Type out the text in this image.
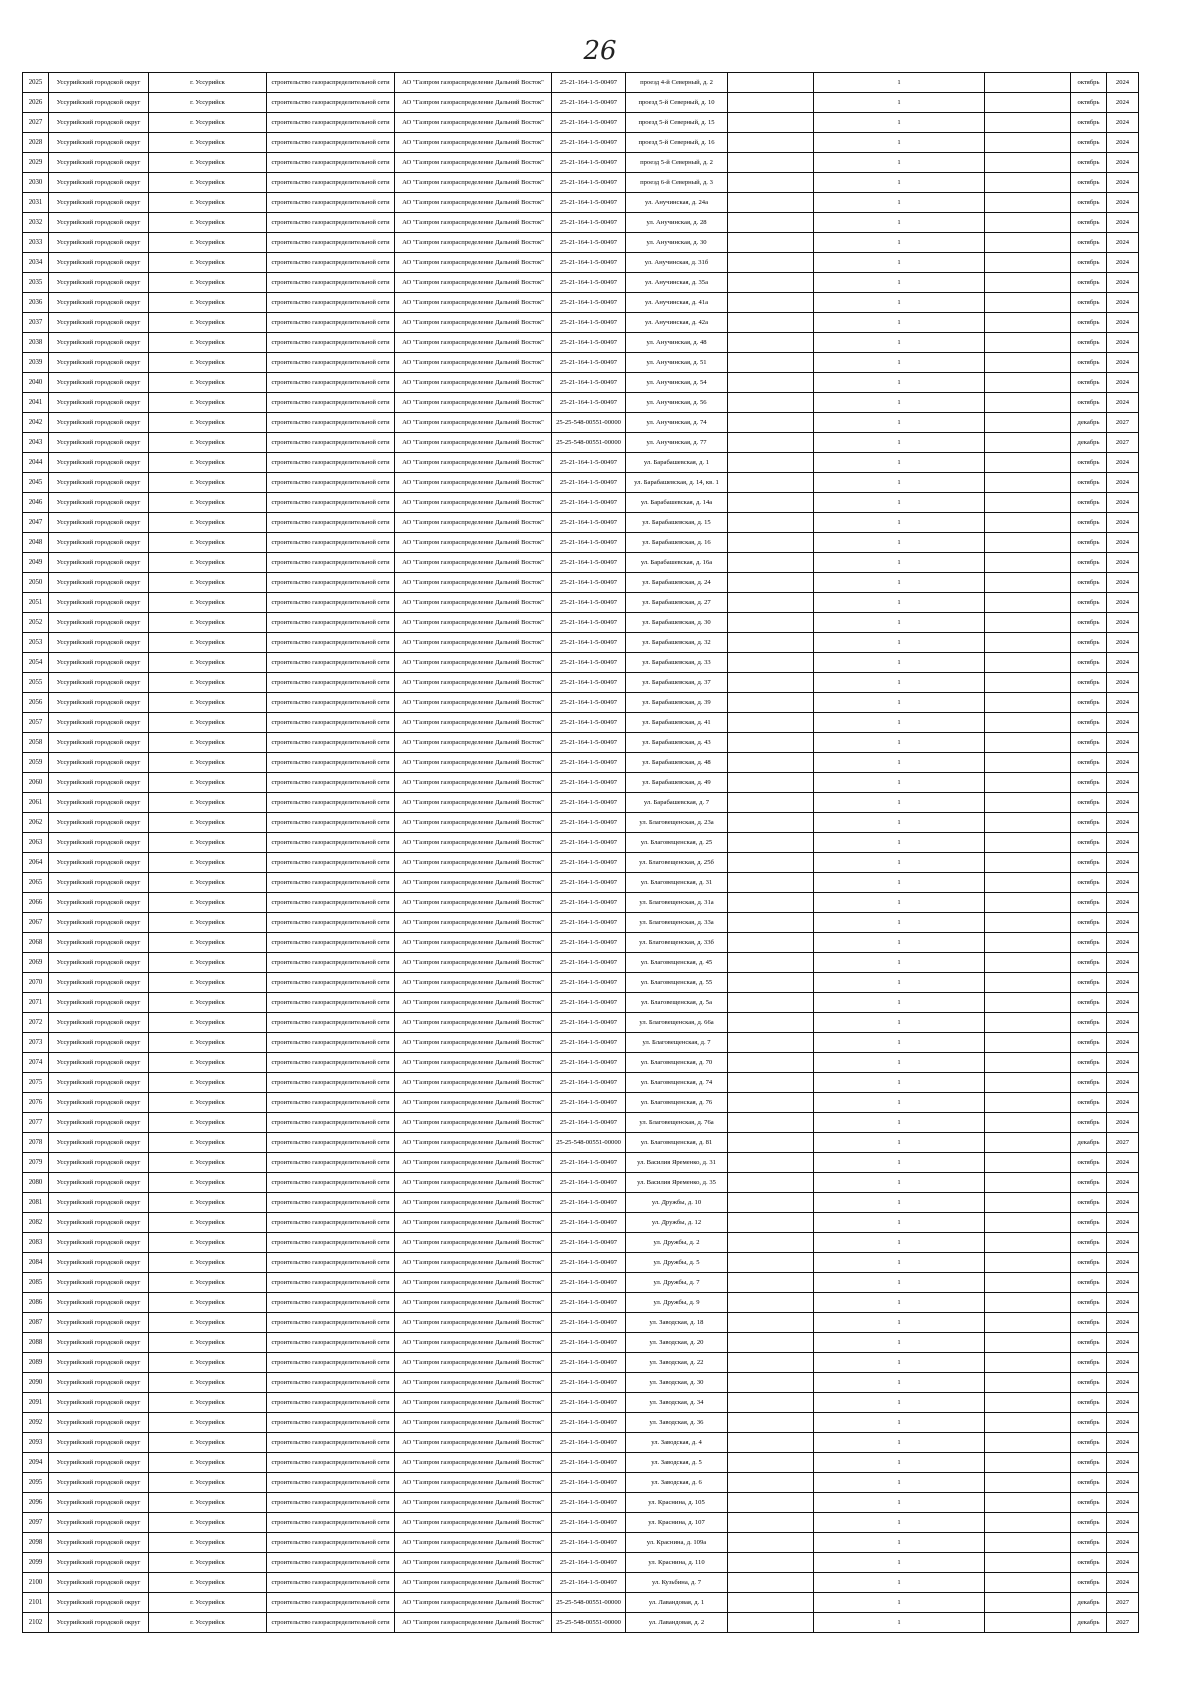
26
2025	Уссурийский городской округ	г. Уссурийск	строительство газораспределительной сети	АО "Газпром газораспределение Дальний Восток"	25-21-164-1-5-00497	проезд 4-й Северный, д. 2		1		октябрь	2024
2026	Уссурийский городской округ	г. Уссурийск	строительство газораспределительной сети	АО "Газпром газораспределение Дальний Восток"	25-21-164-1-5-00497	проезд 5-й Северный, д. 10		1		октябрь	2024
2027	Уссурийский городской округ	г. Уссурийск	строительство газораспределительной сети	АО "Газпром газораспределение Дальний Восток"	25-21-164-1-5-00497	проезд 5-й Северный, д. 15		1		октябрь	2024
2028	Уссурийский городской округ	г. Уссурийск	строительство газораспределительной сети	АО "Газпром газораспределение Дальний Восток"	25-21-164-1-5-00497	проезд 5-й Северный, д. 16		1		октябрь	2024
2029	Уссурийский городской округ	г. Уссурийск	строительство газораспределительной сети	АО "Газпром газораспределение Дальний Восток"	25-21-164-1-5-00497	проезд 5-й Северный, д. 2		1		октябрь	2024
2030	Уссурийский городской округ	г. Уссурийск	строительство газораспределительной сети	АО "Газпром газораспределение Дальний Восток"	25-21-164-1-5-00497	проезд 6-й Северный, д. 3		1		октябрь	2024
2031	Уссурийский городской округ	г. Уссурийск	строительство газораспределительной сети	АО "Газпром газораспределение Дальний Восток"	25-21-164-1-5-00497	ул. Анучинская, д. 24а		1		октябрь	2024
2032	Уссурийский городской округ	г. Уссурийск	строительство газораспределительной сети	АО "Газпром газораспределение Дальний Восток"	25-21-164-1-5-00497	ул. Анучинская, д. 28		1		октябрь	2024
2033	Уссурийский городской округ	г. Уссурийск	строительство газораспределительной сети	АО "Газпром газораспределение Дальний Восток"	25-21-164-1-5-00497	ул. Анучинская, д. 30		1		октябрь	2024
2034	Уссурийский городской округ	г. Уссурийск	строительство газораспределительной сети	АО "Газпром газораспределение Дальний Восток"	25-21-164-1-5-00497	ул. Анучинская, д. 31б		1		октябрь	2024
2035	Уссурийский городской округ	г. Уссурийск	строительство газораспределительной сети	АО "Газпром газораспределение Дальний Восток"	25-21-164-1-5-00497	ул. Анучинская, д. 35а		1		октябрь	2024
2036	Уссурийский городской округ	г. Уссурийск	строительство газораспределительной сети	АО "Газпром газораспределение Дальний Восток"	25-21-164-1-5-00497	ул. Анучинская, д. 41а		1		октябрь	2024
2037	Уссурийский городской округ	г. Уссурийск	строительство газораспределительной сети	АО "Газпром газораспределение Дальний Восток"	25-21-164-1-5-00497	ул. Анучинская, д. 42а		1		октябрь	2024
2038	Уссурийский городской округ	г. Уссурийск	строительство газораспределительной сети	АО "Газпром газораспределение Дальний Восток"	25-21-164-1-5-00497	ул. Анучинская, д. 48		1		октябрь	2024
2039	Уссурийский городской округ	г. Уссурийск	строительство газораспределительной сети	АО "Газпром газораспределение Дальний Восток"	25-21-164-1-5-00497	ул. Анучинская, д. 51		1		октябрь	2024
2040	Уссурийский городской округ	г. Уссурийск	строительство газораспределительной сети	АО "Газпром газораспределение Дальний Восток"	25-21-164-1-5-00497	ул. Анучинская, д. 54		1		октябрь	2024
2041	Уссурийский городской округ	г. Уссурийск	строительство газораспределительной сети	АО "Газпром газораспределение Дальний Восток"	25-21-164-1-5-00497	ул. Анучинская, д. 56		1		октябрь	2024
2042	Уссурийский городской округ	г. Уссурийск	строительство газораспределительной сети	АО "Газпром газораспределение Дальний Восток"	25-25-548-00551-00000	ул. Анучинская, д. 74		1		декабрь	2027
2043	Уссурийский городской округ	г. Уссурийск	строительство газораспределительной сети	АО "Газпром газораспределение Дальний Восток"	25-25-548-00551-00000	ул. Анучинская, д. 77		1		декабрь	2027
2044	Уссурийский городской округ	г. Уссурийск	строительство газораспределительной сети	АО "Газпром газораспределение Дальний Восток"	25-21-164-1-5-00497	ул. Барабашевская, д. 1		1		октябрь	2024
2045	Уссурийский городской округ	г. Уссурийск	строительство газораспределительной сети	АО "Газпром газораспределение Дальний Восток"	25-21-164-1-5-00497	ул. Барабашевская, д. 14, кв. 1		1		октябрь	2024
2046	Уссурийский городской округ	г. Уссурийск	строительство газораспределительной сети	АО "Газпром газораспределение Дальний Восток"	25-21-164-1-5-00497	ул. Барабашевская, д. 14а		1		октябрь	2024
2047	Уссурийский городской округ	г. Уссурийск	строительство газораспределительной сети	АО "Газпром газораспределение Дальний Восток"	25-21-164-1-5-00497	ул. Барабашевская, д. 15		1		октябрь	2024
2048	Уссурийский городской округ	г. Уссурийск	строительство газораспределительной сети	АО "Газпром газораспределение Дальний Восток"	25-21-164-1-5-00497	ул. Барабашевская, д. 16		1		октябрь	2024
2049	Уссурийский городской округ	г. Уссурийск	строительство газораспределительной сети	АО "Газпром газораспределение Дальний Восток"	25-21-164-1-5-00497	ул. Барабашевская, д. 16а		1		октябрь	2024
2050	Уссурийский городской округ	г. Уссурийск	строительство газораспределительной сети	АО "Газпром газораспределение Дальний Восток"	25-21-164-1-5-00497	ул. Барабашевская, д. 24		1		октябрь	2024
2051	Уссурийский городской округ	г. Уссурийск	строительство газораспределительной сети	АО "Газпром газораспределение Дальний Восток"	25-21-164-1-5-00497	ул. Барабашевская, д. 27		1		октябрь	2024
2052	Уссурийский городской округ	г. Уссурийск	строительство газораспределительной сети	АО "Газпром газораспределение Дальний Восток"	25-21-164-1-5-00497	ул. Барабашевская, д. 30		1		октябрь	2024
2053	Уссурийский городской округ	г. Уссурийск	строительство газораспределительной сети	АО "Газпром газораспределение Дальний Восток"	25-21-164-1-5-00497	ул. Барабашевская, д. 32		1		октябрь	2024
2054	Уссурийский городской округ	г. Уссурийск	строительство газораспределительной сети	АО "Газпром газораспределение Дальний Восток"	25-21-164-1-5-00497	ул. Барабашевская, д. 33		1		октябрь	2024
2055	Уссурийский городской округ	г. Уссурийск	строительство газораспределительной сети	АО "Газпром газораспределение Дальний Восток"	25-21-164-1-5-00497	ул. Барабашевская, д. 37		1		октябрь	2024
2056	Уссурийский городской округ	г. Уссурийск	строительство газораспределительной сети	АО "Газпром газораспределение Дальний Восток"	25-21-164-1-5-00497	ул. Барабашевская, д. 39		1		октябрь	2024
2057	Уссурийский городской округ	г. Уссурийск	строительство газораспределительной сети	АО "Газпром газораспределение Дальний Восток"	25-21-164-1-5-00497	ул. Барабашевская, д. 41		1		октябрь	2024
2058	Уссурийский городской округ	г. Уссурийск	строительство газораспределительной сети	АО "Газпром газораспределение Дальний Восток"	25-21-164-1-5-00497	ул. Барабашевская, д. 43		1		октябрь	2024
2059	Уссурийский городской округ	г. Уссурийск	строительство газораспределительной сети	АО "Газпром газораспределение Дальний Восток"	25-21-164-1-5-00497	ул. Барабашевская, д. 48		1		октябрь	2024
2060	Уссурийский городской округ	г. Уссурийск	строительство газораспределительной сети	АО "Газпром газораспределение Дальний Восток"	25-21-164-1-5-00497	ул. Барабашевская, д. 49		1		октябрь	2024
2061	Уссурийский городской округ	г. Уссурийск	строительство газораспределительной сети	АО "Газпром газораспределение Дальний Восток"	25-21-164-1-5-00497	ул. Барабашевская, д. 7		1		октябрь	2024
2062	Уссурийский городской округ	г. Уссурийск	строительство газораспределительной сети	АО "Газпром газораспределение Дальний Восток"	25-21-164-1-5-00497	ул. Благовещенская, д. 23а		1		октябрь	2024
2063	Уссурийский городской округ	г. Уссурийск	строительство газораспределительной сети	АО "Газпром газораспределение Дальний Восток"	25-21-164-1-5-00497	ул. Благовещенская, д. 25		1		октябрь	2024
2064	Уссурийский городской округ	г. Уссурийск	строительство газораспределительной сети	АО "Газпром газораспределение Дальний Восток"	25-21-164-1-5-00497	ул. Благовещенская, д. 25б		1		октябрь	2024
2065	Уссурийский городской округ	г. Уссурийск	строительство газораспределительной сети	АО "Газпром газораспределение Дальний Восток"	25-21-164-1-5-00497	ул. Благовещенская, д. 31		1		октябрь	2024
2066	Уссурийский городской округ	г. Уссурийск	строительство газораспределительной сети	АО "Газпром газораспределение Дальний Восток"	25-21-164-1-5-00497	ул. Благовещенская, д. 31а		1		октябрь	2024
2067	Уссурийский городской округ	г. Уссурийск	строительство газораспределительной сети	АО "Газпром газораспределение Дальний Восток"	25-21-164-1-5-00497	ул. Благовещенская, д. 33а		1		октябрь	2024
2068	Уссурийский городской округ	г. Уссурийск	строительство газораспределительной сети	АО "Газпром газораспределение Дальний Восток"	25-21-164-1-5-00497	ул. Благовещенская, д. 33б		1		октябрь	2024
2069	Уссурийский городской округ	г. Уссурийск	строительство газораспределительной сети	АО "Газпром газораспределение Дальний Восток"	25-21-164-1-5-00497	ул. Благовещенская, д. 45		1		октябрь	2024
2070	Уссурийский городской округ	г. Уссурийск	строительство газораспределительной сети	АО "Газпром газораспределение Дальний Восток"	25-21-164-1-5-00497	ул. Благовещенская, д. 55		1		октябрь	2024
2071	Уссурийский городской округ	г. Уссурийск	строительство газораспределительной сети	АО "Газпром газораспределение Дальний Восток"	25-21-164-1-5-00497	ул. Благовещенская, д. 5а		1		октябрь	2024
2072	Уссурийский городской округ	г. Уссурийск	строительство газораспределительной сети	АО "Газпром газораспределение Дальний Восток"	25-21-164-1-5-00497	ул. Благовещенская, д. 66а		1		октябрь	2024
2073	Уссурийский городской округ	г. Уссурийск	строительство газораспределительной сети	АО "Газпром газораспределение Дальний Восток"	25-21-164-1-5-00497	ул. Благовещенская, д. 7		1		октябрь	2024
2074	Уссурийский городской округ	г. Уссурийск	строительство газораспределительной сети	АО "Газпром газораспределение Дальний Восток"	25-21-164-1-5-00497	ул. Благовещенская, д. 70		1		октябрь	2024
2075	Уссурийский городской округ	г. Уссурийск	строительство газораспределительной сети	АО "Газпром газораспределение Дальний Восток"	25-21-164-1-5-00497	ул. Благовещенская, д. 74		1		октябрь	2024
2076	Уссурийский городской округ	г. Уссурийск	строительство газораспределительной сети	АО "Газпром газораспределение Дальний Восток"	25-21-164-1-5-00497	ул. Благовещенская, д. 76		1		октябрь	2024
2077	Уссурийский городской округ	г. Уссурийск	строительство газораспределительной сети	АО "Газпром газораспределение Дальний Восток"	25-21-164-1-5-00497	ул. Благовещенская, д. 76а		1		октябрь	2024
2078	Уссурийский городской округ	г. Уссурийск	строительство газораспределительной сети	АО "Газпром газораспределение Дальний Восток"	25-25-548-00551-00000	ул. Благовещенская, д. 81		1		декабрь	2027
2079	Уссурийский городской округ	г. Уссурийск	строительство газораспределительной сети	АО "Газпром газораспределение Дальний Восток"	25-21-164-1-5-00497	ул. Василия Яременко, д. 31		1		октябрь	2024
2080	Уссурийский городской округ	г. Уссурийск	строительство газораспределительной сети	АО "Газпром газораспределение Дальний Восток"	25-21-164-1-5-00497	ул. Василия Яременко, д. 35		1		октябрь	2024
2081	Уссурийский городской округ	г. Уссурийск	строительство газораспределительной сети	АО "Газпром газораспределение Дальний Восток"	25-21-164-1-5-00497	ул. Дружбы, д. 10		1		октябрь	2024
2082	Уссурийский городской округ	г. Уссурийск	строительство газораспределительной сети	АО "Газпром газораспределение Дальний Восток"	25-21-164-1-5-00497	ул. Дружбы, д. 12		1		октябрь	2024
2083	Уссурийский городской округ	г. Уссурийск	строительство газораспределительной сети	АО "Газпром газораспределение Дальний Восток"	25-21-164-1-5-00497	ул. Дружбы, д. 2		1		октябрь	2024
2084	Уссурийский городской округ	г. Уссурийск	строительство газораспределительной сети	АО "Газпром газораспределение Дальний Восток"	25-21-164-1-5-00497	ул. Дружбы, д. 5		1		октябрь	2024
2085	Уссурийский городской округ	г. Уссурийск	строительство газораспределительной сети	АО "Газпром газораспределение Дальний Восток"	25-21-164-1-5-00497	ул. Дружбы, д. 7		1		октябрь	2024
2086	Уссурийский городской округ	г. Уссурийск	строительство газораспределительной сети	АО "Газпром газораспределение Дальний Восток"	25-21-164-1-5-00497	ул. Дружбы, д. 9		1		октябрь	2024
2087	Уссурийский городской округ	г. Уссурийск	строительство газораспределительной сети	АО "Газпром газораспределение Дальний Восток"	25-21-164-1-5-00497	ул. Заводская, д. 18		1		октябрь	2024
2088	Уссурийский городской округ	г. Уссурийск	строительство газораспределительной сети	АО "Газпром газораспределение Дальний Восток"	25-21-164-1-5-00497	ул. Заводская, д. 20		1		октябрь	2024
2089	Уссурийский городской округ	г. Уссурийск	строительство газораспределительной сети	АО "Газпром газораспределение Дальний Восток"	25-21-164-1-5-00497	ул. Заводская, д. 22		1		октябрь	2024
2090	Уссурийский городской округ	г. Уссурийск	строительство газораспределительной сети	АО "Газпром газораспределение Дальний Восток"	25-21-164-1-5-00497	ул. Заводская, д. 30		1		октябрь	2024
2091	Уссурийский городской округ	г. Уссурийск	строительство газораспределительной сети	АО "Газпром газораспределение Дальний Восток"	25-21-164-1-5-00497	ул. Заводская, д. 34		1		октябрь	2024
2092	Уссурийский городской округ	г. Уссурийск	строительство газораспределительной сети	АО "Газпром газораспределение Дальний Восток"	25-21-164-1-5-00497	ул. Заводская, д. 36		1		октябрь	2024
2093	Уссурийский городской округ	г. Уссурийск	строительство газораспределительной сети	АО "Газпром газораспределение Дальний Восток"	25-21-164-1-5-00497	ул. Заводская, д. 4		1		октябрь	2024
2094	Уссурийский городской округ	г. Уссурийск	строительство газораспределительной сети	АО "Газпром газораспределение Дальний Восток"	25-21-164-1-5-00497	ул. Заводская, д. 5		1		октябрь	2024
2095	Уссурийский городской округ	г. Уссурийск	строительство газораспределительной сети	АО "Газпром газораспределение Дальний Восток"	25-21-164-1-5-00497	ул. Заводская, д. 6		1		октябрь	2024
2096	Уссурийский городской округ	г. Уссурийск	строительство газораспределительной сети	АО "Газпром газораспределение Дальний Восток"	25-21-164-1-5-00497	ул. Краснина, д. 105		1		октябрь	2024
2097	Уссурийский городской округ	г. Уссурийск	строительство газораспределительной сети	АО "Газпром газораспределение Дальний Восток"	25-21-164-1-5-00497	ул. Краснина, д. 107		1		октябрь	2024
2098	Уссурийский городской округ	г. Уссурийск	строительство газораспределительной сети	АО "Газпром газораспределение Дальний Восток"	25-21-164-1-5-00497	ул. Краснина, д. 109а		1		октябрь	2024
2099	Уссурийский городской округ	г. Уссурийск	строительство газораспределительной сети	АО "Газпром газораспределение Дальний Восток"	25-21-164-1-5-00497	ул. Краснина, д. 110		1		октябрь	2024
2100	Уссурийский городской округ	г. Уссурийск	строительство газораспределительной сети	АО "Газпром газораспределение Дальний Восток"	25-21-164-1-5-00497	ул. Кузьбина, д. 7		1		октябрь	2024
2101	Уссурийский городской округ	г. Уссурийск	строительство газораспределительной сети	АО "Газпром газораспределение Дальний Восток"	25-25-548-00551-00000	ул. Лавандовая, д. 1		1		декабрь	2027
2102	Уссурийский городской округ	г. Уссурийск	строительство газораспределительной сети	АО "Газпром газораспределение Дальний Восток"	25-25-548-00551-00000	ул. Лавандовая, д. 2		1		декабрь	2027
